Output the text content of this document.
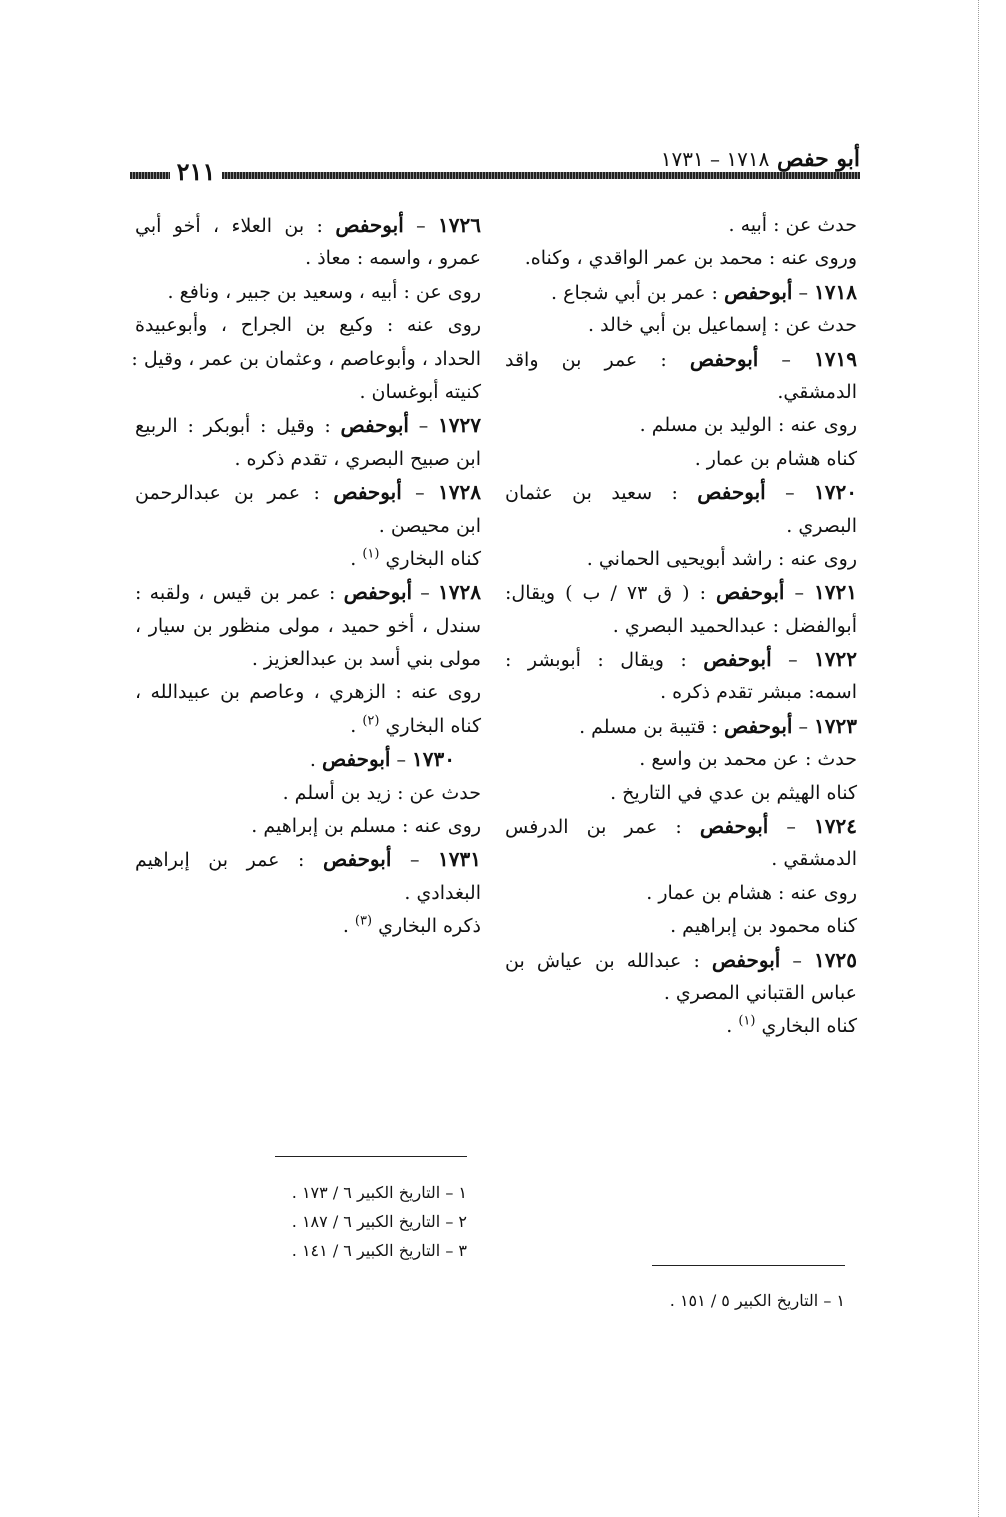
أبو حفص ١٧١٨ – ١٧٣١
٢١١
حدث عن : أبيه .
وروى عنه : محمد بن عمر الواقدي ، وكناه.
١٧١٨ – أبوحفص : عمر بن أبي شجاع .
حدث عن : إسماعيل بن أبي خالد .
١٧١٩ – أبوحفص : عمر بن واقد
الدمشقي.
روى عنه : الوليد بن مسلم .
كناه هشام بن عمار .
١٧٢٠ – أبوحفص : سعيد بن عثمان
البصري .
روى عنه : راشد أبويحيى الحماني .
١٧٢١ – أبوحفص : ( ق ٧٣ / ب ) ويقال:
أبوالفضل : عبدالحميد البصري .
١٧٢٢ – أبوحفص : ويقال : أبوبشر :
اسمه: مبشر تقدم ذكره .
١٧٢٣ – أبوحفص : قتيبة بن مسلم .
حدث : عن محمد بن واسع .
كناه الهيثم بن عدي في التاريخ .
١٧٢٤ – أبوحفص : عمر بن الدرفس
الدمشقي .
روى عنه : هشام بن عمار .
كناه محمود بن إبراهيم .
١٧٢٥ – أبوحفص : عبدالله بن عياش بن
عباس القتباني المصري .
كناه البخاري $^{(١)}$ .
١٧٢٦ – أبوحفص : بن العلاء ، أخو أبي
عمرو ، واسمه : معاذ .
روى عن : أبيه ، وسعيد بن جبير ، ونافع .
روى عنه : وكيع بن الجراح ، وأبوعبيدة
الحداد ، وأبوعاصم ، وعثمان بن عمر ، وقيل :
كنيته أبوغسان .
١٧٢٧ – أبوحفص : وقيل : أبوبكر : الربيع
ابن صبيح البصري ، تقدم ذكره .
١٧٢٨ – أبوحفص : عمر بن عبدالرحمن
ابن محيصن .
كناه البخاري $^{(١)}$ .
١٧٢٨ – أبوحفص : عمر بن قيس ، ولقبه :
سندل ، أخو حميد ، مولى منظور بن سيار ،
مولى بني أسد بن عبدالعزيز .
روى عنه : الزهري ، وعاصم بن عبيدالله ،
كناه البخاري $^{(٢)}$ .
١٧٣٠ – أبوحفص .
حدث عن : زيد بن أسلم .
روى عنه : مسلم بن إبراهيم .
١٧٣١ – أبوحفص : عمر بن إبراهيم
البغدادي .
ذكره البخاري $^{(٣)}$ .
١ – التاريخ الكبير ٥ / ١٥١ .
١ – التاريخ الكبير ٦ / ١٧٣ .
٢ – التاريخ الكبير ٦ / ١٨٧ .
٣ – التاريخ الكبير ٦ / ١٤١ .
